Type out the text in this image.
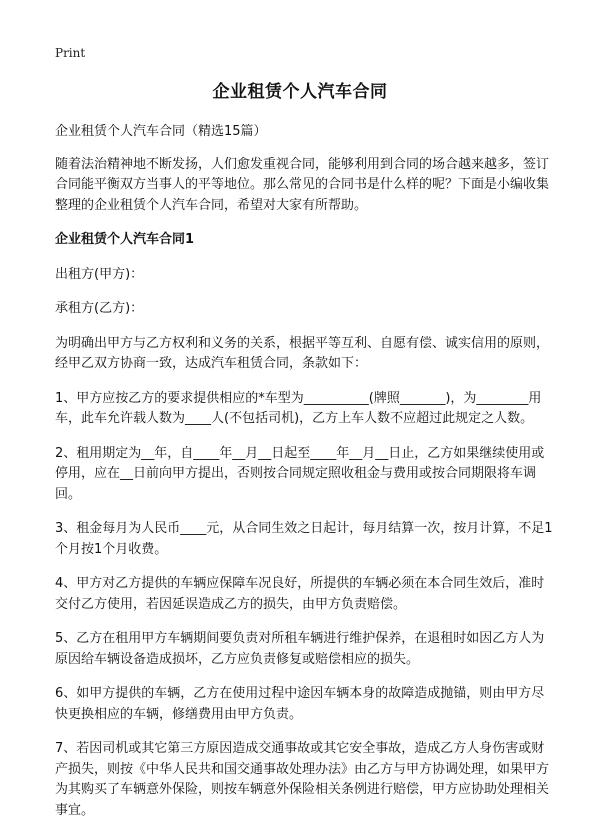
Print
企业租赁个人汽车合同

企业租赁个人汽车合同（精选15篇）

随着法治精神地不断发扬，人们愈发重视合同，能够利用到合同的场合越来越多，签订合同能平衡双方当事人的平等地位。那么常见的合同书是什么样的呢？下面是小编收集整理的企业租赁个人汽车合同，希望对大家有所帮助。

企业租赁个人汽车合同1

出租方(甲方)：

承租方(乙方)：

为明确出甲方与乙方权利和义务的关系，根据平等互利、自愿有偿、诚实信用的原则，经甲乙双方协商一致，达成汽车租赁合同，条款如下：

1、甲方应按乙方的要求提供相应的*车型为__________(牌照_______)，为________用车，此车允许载人数为____人(不包括司机)，乙方上车人数不应超过此规定之人数。

2、租用期定为__年，自____年__月__日起至____年__月__日止，乙方如果继续使用或停用，应在__日前向甲方提出，否则按合同规定照收租金与费用或按合同期限将车调回。

3、租金每月为人民币____元，从合同生效之日起计，每月结算一次，按月计算，不足1个月按1个月收费。

4、甲方对乙方提供的车辆应保障车况良好，所提供的车辆必须在本合同生效后，准时交付乙方使用，若因延误造成乙方的损失，由甲方负责赔偿。

5、乙方在租用甲方车辆期间要负责对所租车辆进行维护保养，在退租时如因乙方人为原因给车辆设备造成损坏，乙方应负责修复或赔偿相应的损失。

6、如甲方提供的车辆，乙方在使用过程中途因车辆本身的故障造成抛锚，则由甲方尽快更换相应的车辆，修缮费用由甲方负责。

7、若因司机或其它第三方原因造成交通事故或其它安全事故，造成乙方人身伤害或财产损失，则按《中华人民共和国交通事故处理办法》由乙方与甲方协调处理，如果甲方为其购买了车辆意外保险，则按车辆意外保险相关条例进行赔偿，甲方应协助处理相关事宜。
